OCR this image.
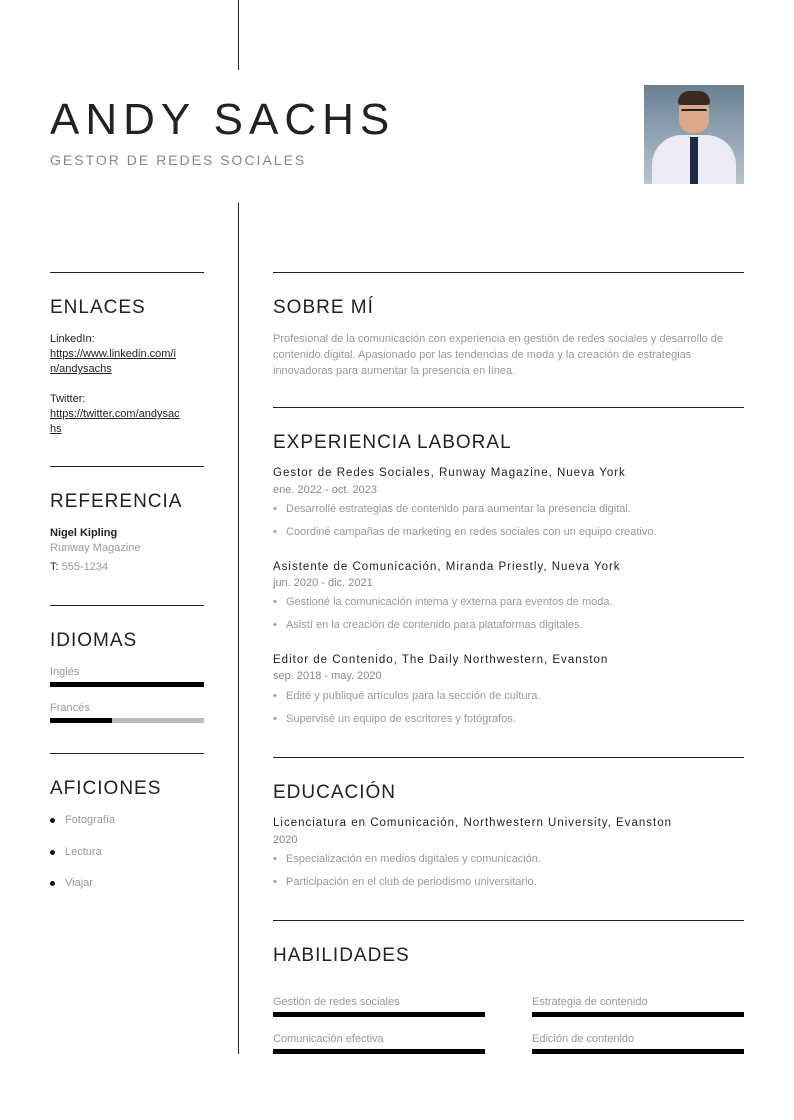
ANDY SACHS

GESTOR DE REDES SOCIALES

ENLACES
LinkedIn:
https://www.linkedin.com/i
n/andysachs
Twitter:
https://twitter.com/andysac
hs
REFERENCIA
Nigel Kipling
Runway Magazine
T: 555-1234
IDIOMAS
Inglés
Francés
AFICIONES
Fotografía
Lectura
Viajar
SOBRE MÍ

Profesional de la comunicación con experiencia en gestión de redes sociales y desarrollo de contenido digital. Apasionado por las tendencias de moda y la creación de estrategias innovadoras para aumentar la presencia en línea.

EXPERIENCIA LABORAL
Gestor de Redes Sociales, Runway Magazine, Nueva York
ene. 2022 - oct. 2023
• Desarrollé estrategias de contenido para aumentar la presencia digital.
• Coordiné campañas de marketing en redes sociales con un equipo creativo.
Asistente de Comunicación, Miranda Priestly, Nueva York
jun. 2020 - dic. 2021
• Gestioné la comunicación interna y externa para eventos de moda.
• Asistí en la creación de contenido para plataformas digitales.
Editor de Contenido, The Daily Northwestern, Evanston
sep. 2018 - may. 2020
• Edité y publiqué artículos para la sección de cultura.
• Supervisé un equipo de escritores y fotógrafos.
EDUCACIÓN
Licenciatura en Comunicación, Northwestern University, Evanston
2020
• Especialización en medios digitales y comunicación.
• Participación en el club de periodismo universitario.
HABILIDADES
Gestión de redes sociales	Estrategia de contenido
Comunicación efectiva	Edición de contenido
